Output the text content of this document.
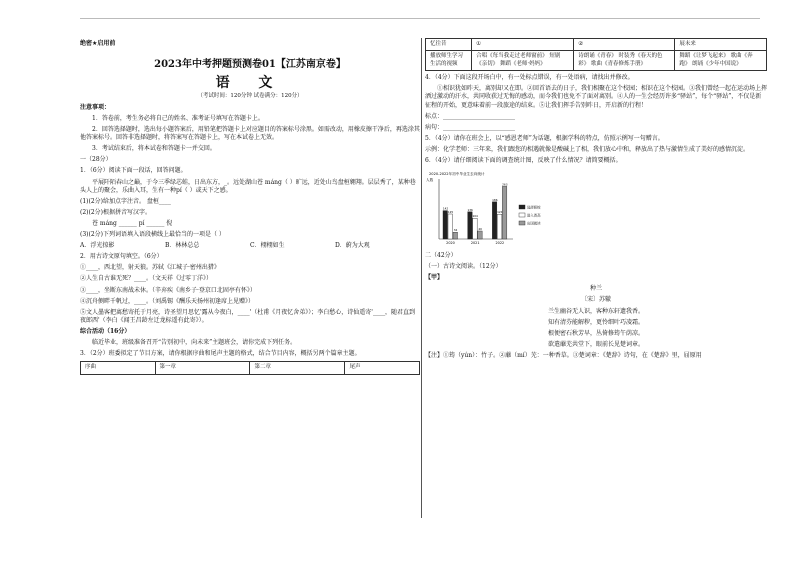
绝密★启用前

2023年中考押题预测卷01【江苏南京卷】

语 文

（考试时间：120分钟 试卷满分：120分）

注意事项：

1．答卷前，考生务必将自己的姓名、准考证号填写在答题卡上。

2．回答选择题时，选出每小题答案后，用铅笔把答题卡上对应题目的答案标号涂黑。如需改动，用橡皮擦干净后，再选涂其他答案标号。回答非选择题时，将答案写在答题卡上，写在本试卷上无效。

3．考试结束后，将本试卷和答题卡一并交回。

一（28分）

1．（6分）阅读下面一段话，回答问题。

平展阡陌春山之巅，于今三季绿芯蛙，日出东方，_。远处湖山苍 máng（ ）旷远，近处山鸟盘桓翱翔。层层秀了，某种巷头人上的聚会，乐曲入耳，生有一种pí（ ）或天下之感。

(1)(2分)给加点字注音。 盘桓____

(2)(2分)根据拼音写汉字。

苍 máng ______ pí ______ 倪

(3)(2分)下列词语填入语段横线上最恰当的一项是（ ）

A．浮光掠影	B．林林总总	C．栩栩如生	D．蔚为大观

2．用古诗文原句填空。（6分）

①____，西北望，射天狼。苏轼《江城子·密州出猎》

②人生自古谁无死？____。（文天祥《过零丁洋》）

③____，坐断东南战未休。（辛弃疾《南乡子·登京口北固亭有怀》）

④沉舟侧畔千帆过，____。（刘禹锡《酬乐天扬州初逢席上见赠》）

⑤文人墨客把离愁寄托于月亮，诗圣望月思忆'露从今夜白，____'（杜甫《月夜忆舍弟》）；李白愁心，诗仙遥寄'____，随君直到夜郎西'（李白《闻王昌龄左迁龙标遥有此寄》）。

综合活动（16分）

临近毕业，班级准备召开“告别初中，向未来”主题班会，请你完成下列任务。

3．（2分）班委拟定了节目方案，请你根据序曲和尾声主题的格式，结合节目内容，概括另两个篇章主题。

序曲	第一章	第二章	尾声
忆往昔	①	②	展未来
播放师生学习生活的视频	合唱《每当我走过老师窗前》 短剧《亲切》 舞蹈《老师·妈妈》	诗朗诵《青春》 时装秀《春天的色彩》 歌曲《青春修炼手册》	舞蹈《让梦飞起来》 歌曲《奔跑》 朗诵《少年中国说》

4．（4分）下面这段开场白中，有一处标点错误，有一处语病，请找出并修改。

①相识犹如昨天，离别却又在即。②回首语去的日子，我们相聚在这个校园；相识在这个校园。③我们曾经一起在运动场上挥洒过激动的汗水，共同收获过无悔的感动，而今我们也免不了面对离别。④人的一生会经历许多“驿站”，每个“驿站”，不仅是新征程的开始，更意味着前一段旅途的结束。⑤让我们挥手告别昨日，开启新的行程！

标点：________________________

病句：________________________

5．（4分）请你在班会上，以“感恩老师”为话题，根据学科的特点，仿照示例写一句赠言。

示例：化学老师：三年来，我们跟您的相遇就像是酸碱上了相，我们放心中和，释放出了热与激情生成了美好的感情沉淀。

6．（4分）请仔细阅读下面的调查统计图，反映了什么情况？请简要概括。

2020-2022年初中毕业生去向统计
人数
142
125
34
2020
136
104
40
2021
186
124
263
2022
选择职校
进入普高
出国就读

二（42分）

（一）古诗文阅读。（12分）

【甲】

种兰

〔宋〕苏辙

兰生幽谷无人识，客种东轩遗我香。

知有清芬能解秽，更怜细叶巧凌霜。

根便密石秋芳早，丛倚修筠午荫凉。

欲遣蘼芜共堂下，眼前长见楚词章。

【注】①筠（yún）：竹子。②蘼（mí）芜：一种香草。③楚词章：《楚辞》诗句，在《楚辞》里，屈原用
